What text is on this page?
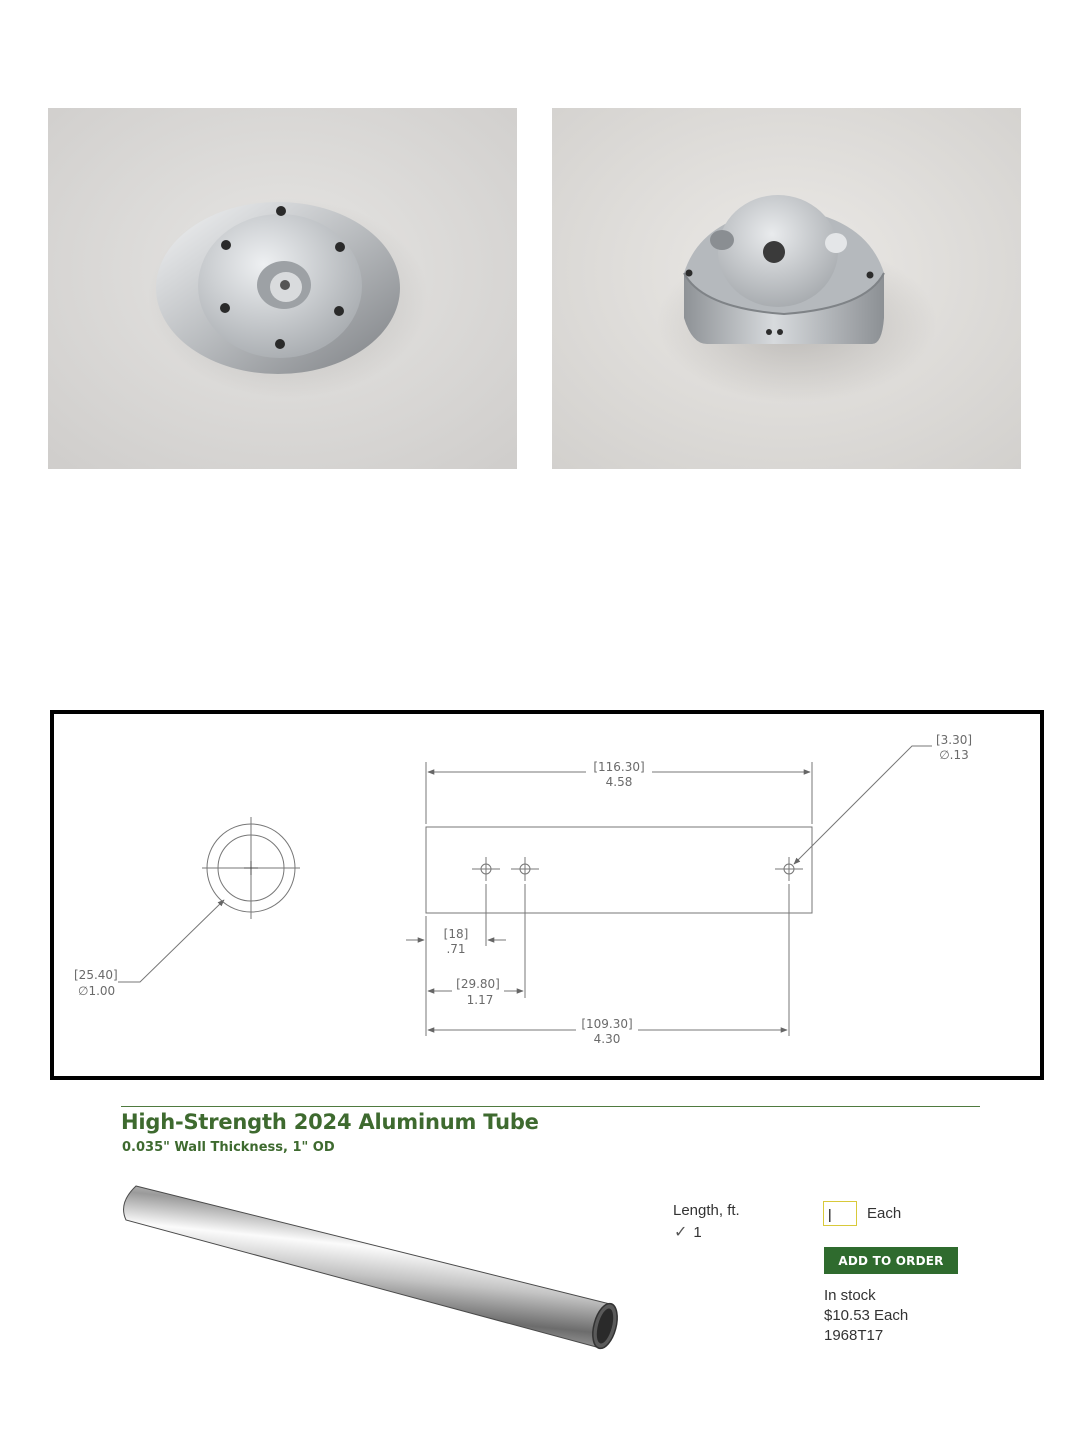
[25.40]
∅1.00
[116.30]
4.58
[3.30]
∅.13
[18]
.71
[29.80]
1.17
[109.30]
4.30
High-Strength 2024 Aluminum Tube
0.035" Wall Thickness, 1" OD
Length, ft.
✓ 1
|
Each
ADD TO ORDER
In stock
$10.53 Each
1968T17
